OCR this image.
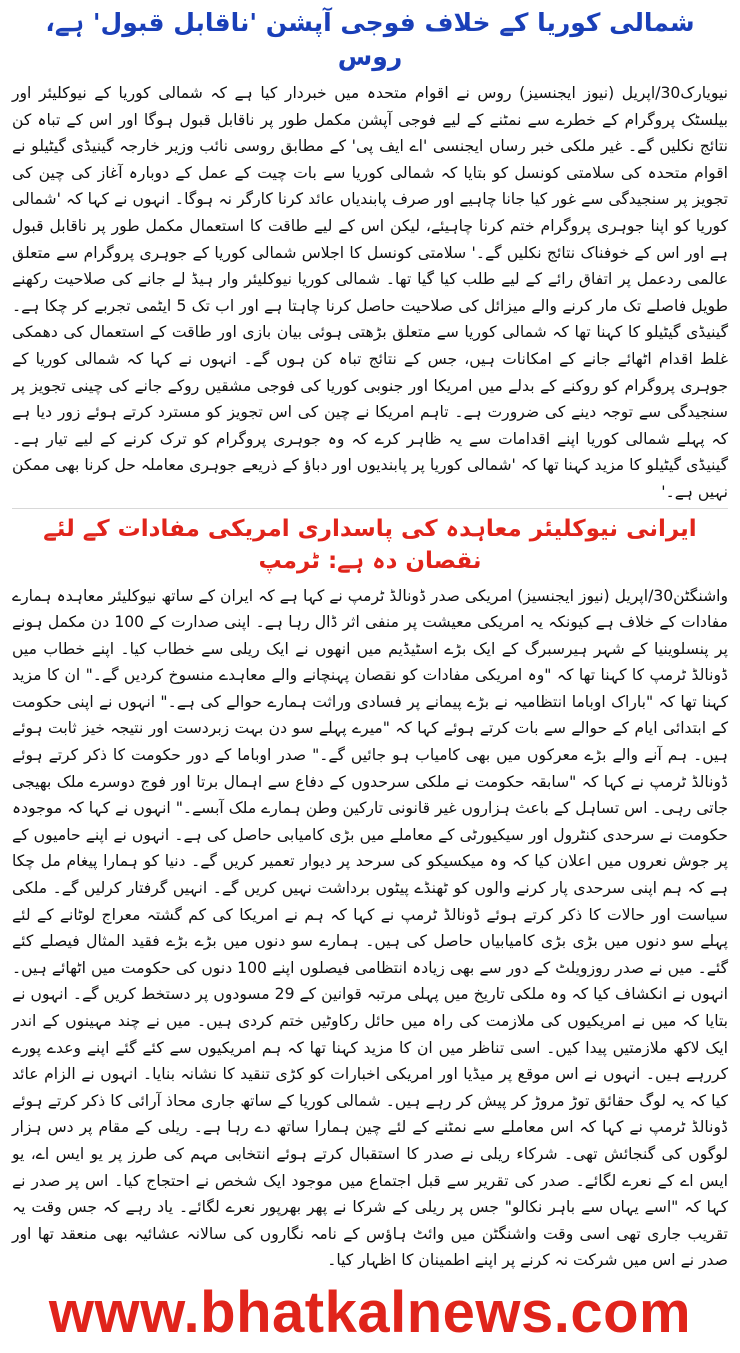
شمالی کوریا کے خلاف فوجی آپشن 'ناقابل قبول' ہے، روس

نیویارک30/اپریل (نیوز ایجنسیز) روس نے اقوام متحدہ میں خبردار کیا ہے کہ شمالی کوریا کے نیوکلیئر اور بیلسٹک پروگرام کے خطرے سے نمٹنے کے لیے فوجی آپشن مکمل طور پر ناقابل قبول ہوگا اور اس کے تباہ کن نتائج نکلیں گے۔ غیر ملکی خبر رساں ایجنسی 'اے ایف پی' کے مطابق روسی نائب وزیر خارجہ گینیڈی گیٹیلو نے اقوام متحدہ کی سلامتی کونسل کو بتایا کہ شمالی کوریا سے بات چیت کے عمل کے دوبارہ آغاز کی چین کی تجویز پر سنجیدگی سے غور کیا جانا چاہیے اور صرف پابندیاں عائد کرنا کارگر نہ ہوگا۔ انہوں نے کہا کہ 'شمالی کوریا کو اپنا جوہری پروگرام ختم کرنا چاہیئے، لیکن اس کے لیے طاقت کا استعمال مکمل طور پر ناقابل قبول ہے اور اس کے خوفناک نتائج نکلیں گے۔' سلامتی کونسل کا اجلاس شمالی کوریا کے جوہری پروگرام سے متعلق عالمی ردعمل پر اتفاق رائے کے لیے طلب کیا گیا تھا۔ شمالی کوریا نیوکلیئر وار ہیڈ لے جانے کی صلاحیت رکھنے طویل فاصلے تک مار کرنے والے میزائل کی صلاحیت حاصل کرنا چاہتا ہے اور اب تک 5 ایٹمی تجربے کر چکا ہے۔ گینیڈی گیٹیلو کا کہنا تھا کہ شمالی کوریا سے متعلق بڑھتی ہوئی بیان بازی اور طاقت کے استعمال کی دھمکی غلط اقدام اٹھائے جانے کے امکانات ہیں، جس کے نتائج تباہ کن ہوں گے۔ انہوں نے کہا کہ شمالی کوریا کے جوہری پروگرام کو روکنے کے بدلے میں امریکا اور جنوبی کوریا کی فوجی مشقیں روکے جانے کی چینی تجویز پر سنجیدگی سے توجہ دینے کی ضرورت ہے۔ تاہم امریکا نے چین کی اس تجویز کو مسترد کرتے ہوئے زور دیا ہے کہ پہلے شمالی کوریا اپنے اقدامات سے یہ ظاہر کرے کہ وہ جوہری پروگرام کو ترک کرنے کے لیے تیار ہے۔ گینیڈی گیٹیلو کا مزید کہنا تھا کہ 'شمالی کوریا پر پابندیوں اور دباؤ کے ذریعے جوہری معاملہ حل کرنا بھی ممکن نہیں ہے۔'

ایرانی نیوکلیئر معاہدہ کی پاسداری امریکی مفادات کے لئے نقصان دہ ہے: ٹرمپ

واشنگٹن30/اپریل (نیوز ایجنسیز) امریکی صدر ڈونالڈ ٹرمپ نے کہا ہے کہ ایران کے ساتھ نیوکلیئر معاہدہ ہمارے مفادات کے خلاف ہے کیونکہ یہ امریکی معیشت پر منفی اثر ڈال رہا ہے۔ اپنی صدارت کے 100 دن مکمل ہونے پر پنسلوینیا کے شہر ہیرسبرگ کے ایک بڑے اسٹیڈیم میں انھوں نے ایک ریلی سے خطاب کیا۔ اپنے خطاب میں ڈونالڈ ٹرمپ کا کہنا تھا کہ "وہ امریکی مفادات کو نقصان پہنچانے والے معاہدے منسوخ کردیں گے۔" ان کا مزید کہنا تھا کہ "باراک اوباما انتظامیہ نے بڑے پیمانے پر فسادی وراثت ہمارے حوالے کی ہے۔" انہوں نے اپنی حکومت کے ابتدائی ایام کے حوالے سے بات کرتے ہوئے کہا کہ "میرے پہلے سو دن بہت زبردست اور نتیجہ خیز ثابت ہوئے ہیں۔ ہم آنے والے بڑے معرکوں میں بھی کامیاب ہو جائیں گے۔" صدر اوباما کے دور حکومت کا ذکر کرتے ہوئے ڈونالڈ ٹرمپ نے کہا کہ "سابقہ حکومت نے ملکی سرحدوں کے دفاع سے اہمال برتا اور فوج دوسرے ملک بھیجی جاتی رہی۔ اس تساہل کے باعث ہزاروں غیر قانونی تارکین وطن ہمارے ملک آبسے۔" انہوں نے کہا کہ موجودہ حکومت نے سرحدی کنٹرول اور سیکیورٹی کے معاملے میں بڑی کامیابی حاصل کی ہے۔ انہوں نے اپنے حامیوں کے پر جوش نعروں میں اعلان کیا کہ وہ میکسیکو کی سرحد پر دیوار تعمیر کریں گے۔ دنیا کو ہمارا پیغام مل چکا ہے کہ ہم اپنی سرحدی پار کرنے والوں کو ٹھنڈے پیٹوں برداشت نہیں کریں گے۔ انہیں گرفتار کرلیں گے۔ ملکی سیاست اور حالات کا ذکر کرتے ہوئے ڈونالڈ ٹرمپ نے کہا کہ ہم نے امریکا کی کم گشتہ معراج لوٹانے کے لئے پہلے سو دنوں میں بڑی بڑی کامیابیاں حاصل کی ہیں۔ ہمارے سو دنوں میں بڑے بڑے فقید المثال فیصلے کئے گئے۔ میں نے صدر روزویلٹ کے دور سے بھی زیادہ انتظامی فیصلوں اپنے 100 دنوں کی حکومت میں اٹھائے ہیں۔ انہوں نے انکشاف کیا کہ وہ ملکی تاریخ میں پہلی مرتبہ قوانین کے 29 مسودوں پر دستخط کریں گے۔ انہوں نے بتایا کہ میں نے امریکیوں کی ملازمت کی راہ میں حائل رکاوٹیں ختم کردی ہیں۔ میں نے چند مہینوں کے اندر ایک لاکھ ملازمتیں پیدا کیں۔ اسی تناظر میں ان کا مزید کہنا تھا کہ ہم امریکیوں سے کئے گئے اپنے وعدے پورے کررہے ہیں۔ انہوں نے اس موقع پر میڈیا اور امریکی اخبارات کو کڑی تنقید کا نشانہ بنایا۔ انہوں نے الزام عائد کیا کہ یہ لوگ حقائق توڑ مروڑ کر پیش کر رہے ہیں۔ شمالی کوریا کے ساتھ جاری محاذ آرائی کا ذکر کرتے ہوئے ڈونالڈ ٹرمپ نے کہا کہ اس معاملے سے نمٹنے کے لئے چین ہمارا ساتھ دے رہا ہے۔ ریلی کے مقام پر دس ہزار لوگوں کی گنجائش تھی۔ شرکاء ریلی نے صدر کا استقبال کرتے ہوئے انتخابی مہم کی طرز پر یو ایس اے، یو ایس اے کے نعرے لگائے۔ صدر کی تقریر سے قبل اجتماع میں موجود ایک شخص نے احتجاج کیا۔ اس پر صدر نے کہا کہ "اسے یہاں سے باہر نکالو" جس پر ریلی کے شرکا نے پھر بھرپور نعرے لگائے۔ یاد رہے کہ جس وقت یہ تقریب جاری تھی اسی وقت واشنگٹن میں وائٹ ہاؤس کے نامہ نگاروں کی سالانہ عشائیہ بھی منعقد تھا اور صدر نے اس میں شرکت نہ کرنے پر اپنے اطمینان کا اظہار کیا۔

www.bhatkalnews.com
